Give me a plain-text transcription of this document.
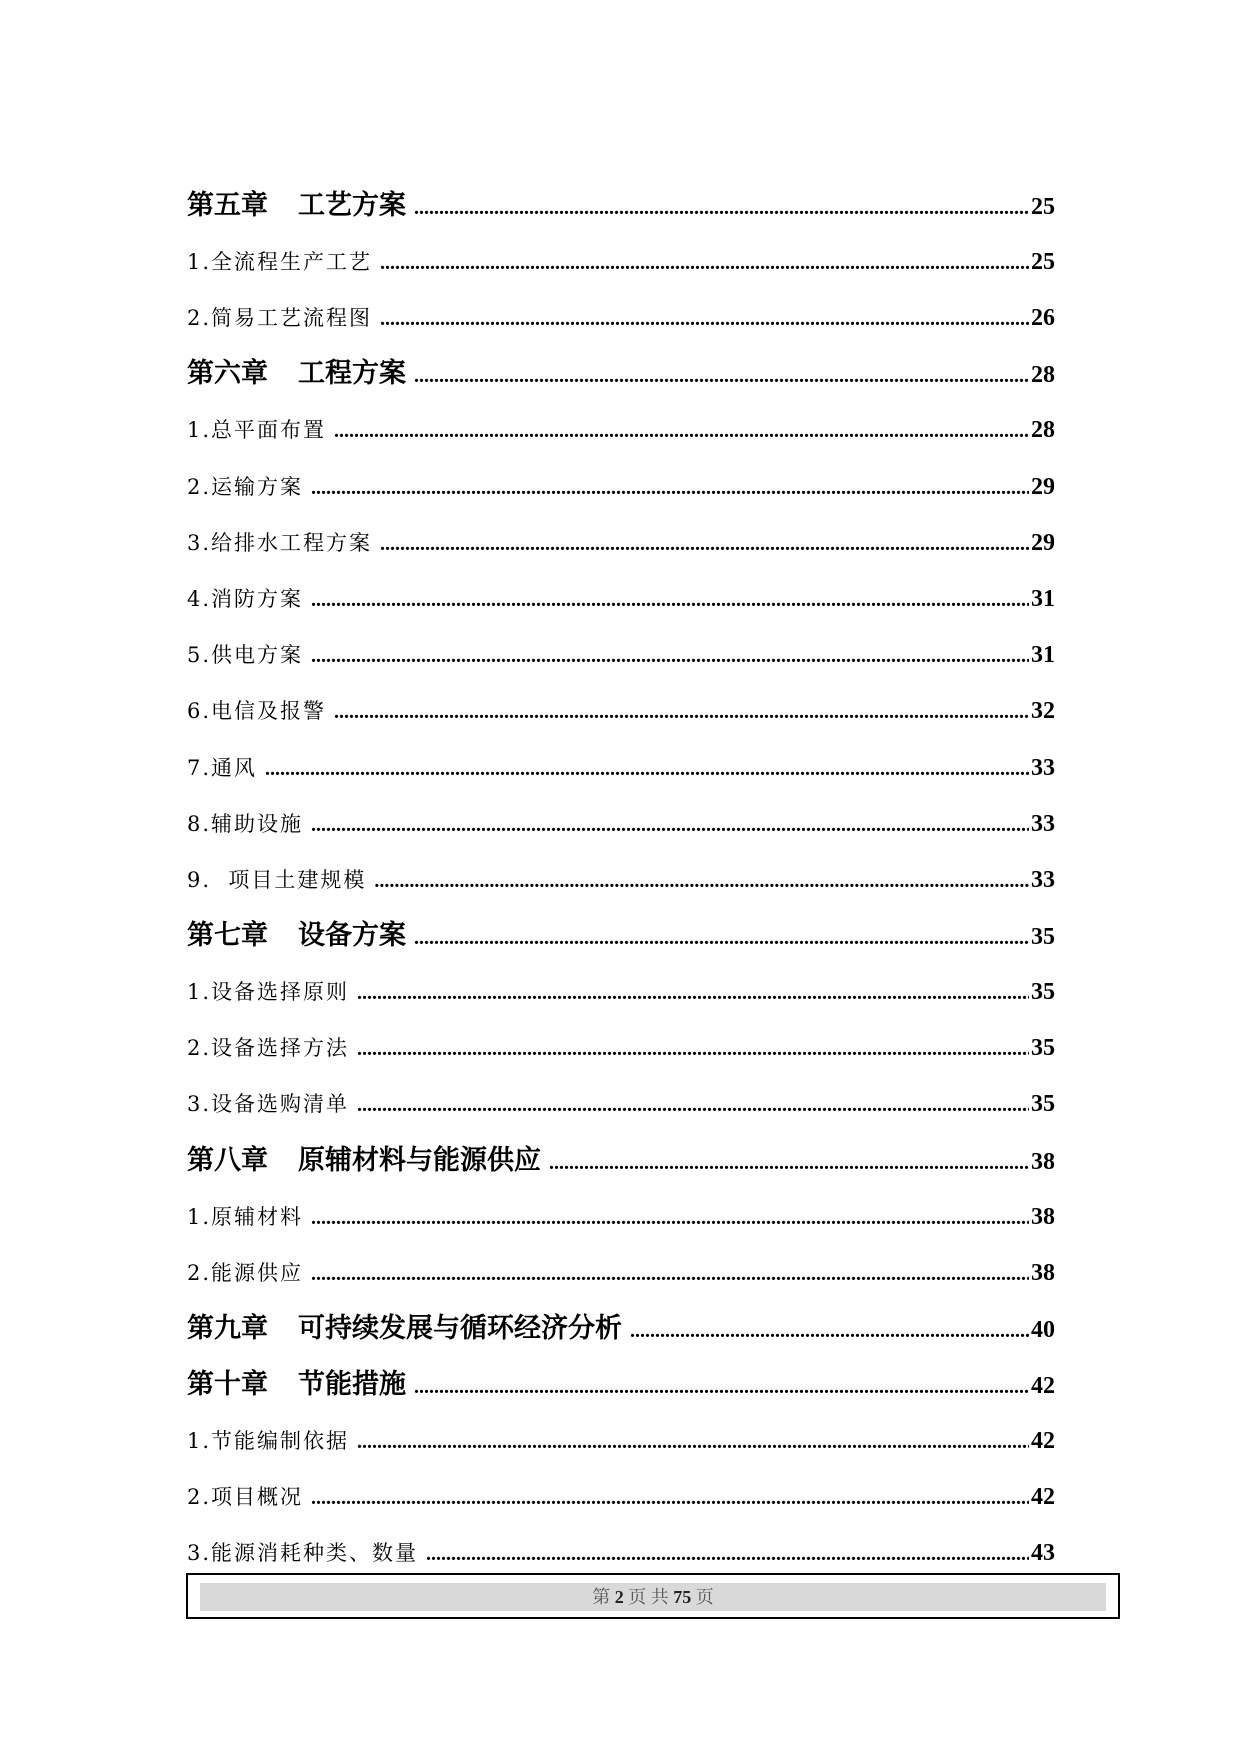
第五章 工艺方案 .....	25
1.全流程生产工艺 .....	25
2.简易工艺流程图 .....	26
第六章 工程方案 .....	28
1.总平面布置 .....	28
2.运输方案 .....	29
3.给排水工程方案 .....	29
4.消防方案 .....	31
5.供电方案 .....	31
6.电信及报警 .....	32
7.通风 .....	33
8.辅助设施 .....	33
9.  项目土建规模 .....	33
第七章 设备方案 .....	35
1.设备选择原则 .....	35
2.设备选择方法 .....	35
3.设备选购清单 .....	35
第八章 原辅材料与能源供应 .....	38
1.原辅材料 .....	38
2.能源供应 .....	38
第九章 可持续发展与循环经济分析 .....	40
第十章 节能措施 .....	42
1.节能编制依据 .....	42
2.项目概况 .....	42
3.能源消耗种类、数量 .....	43
第 2 页 共 75 页
